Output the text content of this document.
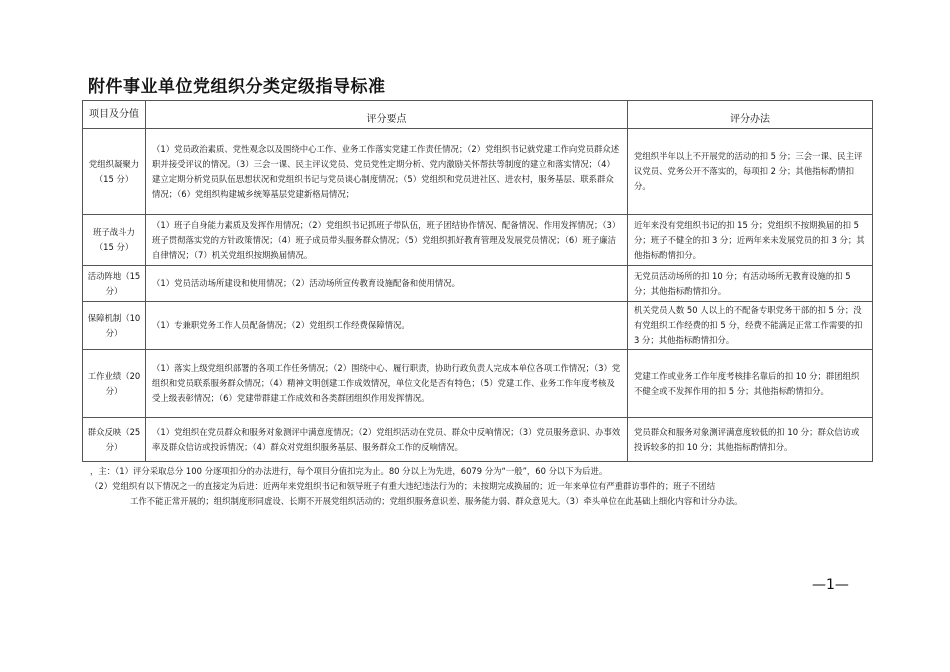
附件事业单位党组织分类定级指导标准
项目及分值	评分要点	评分办法
党组织凝聚力（15 分）	（1）党员政治素质、党性观念以及围绕中心工作、业务工作落实党建工作责任情况；（2）党组织书记就党建工作向党员群众述职并接受评议的情况。（3）三会一课、民主评议党员、党员党性定期分析、党内激励关怀帮扶等制度的建立和落实情况；（4）建立定期分析党员队伍思想状况和党组织书记与党员谈心制度情况；（5）党组织和党员进社区、进农村，服务基层、联系群众情况；（6）党组织构建城乡统筹基层党建新格局情况；	党组织半年以上不开展党的活动的扣 5 分；三会一课、民主评议党员、党务公开不落实的，每项扣 2 分；其他指标酌情扣分。
班子战斗力（15 分）	（1）班子自身能力素质及发挥作用情况；（2）党组织书记抓班子带队伍，班子团结协作情况、配备情况、作用发挥情况；（3）班子贯彻落实党的方针政策情况；（4）班子成员带头服务群众情况；（5）党组织抓好教育管理及发展党员情况；（6）班子廉洁自律情况；（7）机关党组织按期换届情况。	近年来没有党组织书记的扣 15 分；党组织不按期换届的扣 5 分；班子不健全的扣 3 分；近两年来未发展党员的扣 3 分；其他指标酌情扣分。
活动阵地（15 分）	（1）党员活动场所建设和使用情况；（2）活动场所宣传教育设施配备和使用情况。	无党员活动场所的扣 10 分；有活动场所无教育设施的扣 5 分；其他指标酌情扣分。
保障机制（10 分）	（1）专兼职党务工作人员配备情况；（2）党组织工作经费保障情况。	机关党员人数 50 人以上的不配备专职党务干部的扣 5 分；没有党组织工作经费的扣 5 分，经费不能满足正常工作需要的扣 3 分；其他指标酌情扣分。
工作业绩（20 分）	（1）落实上级党组织部署的各项工作任务情况；（2）围绕中心、履行职责，协助行政负责人完成本单位各项工作情况；（3）党组织和党员联系服务群众情况；（4）精神文明创建工作成效情况，单位文化是否有特色；（5）党建工作、业务工作年度考核及受上级表彰情况；（6）党建带群建工作成效和各类群团组织作用发挥情况。	党建工作或业务工作年度考核排名靠后的扣 10 分；群团组织不健全或不发挥作用的扣 5 分；其他指标酌情扣分。
群众反映（25 分）	（1）党组织在党员群众和服务对象测评中满意度情况；（2）党组织活动在党员、群众中反响情况；（3）党员服务意识、办事效率及群众信访或投诉情况；（4）群众对党组织服务基层、服务群众工作的反响情况。	党员群众和服务对象测评满意度较低的扣 10 分；群众信访或投诉较多的扣 10 分；其他指标酌情扣分。
，主：（1）评分采取总分 100 分逐项扣分的办法进行，每个项目分值扣完为止。80 分以上为先进，6079 分为“一般”，60 分以下为后进。
（2）党组织有以下情况之一的直接定为后进：近两年来党组织书记和领导班子有重大违纪违法行为的；未按期完成换届的；近一年来单位有严重群访事件的；班子不团结
工作不能正常开展的；组织制度形同虚设、长期不开展党组织活动的；党组织服务意识差、服务能力弱、群众意见大。（3）牵头单位在此基础上细化内容和计分办法。
—1—
